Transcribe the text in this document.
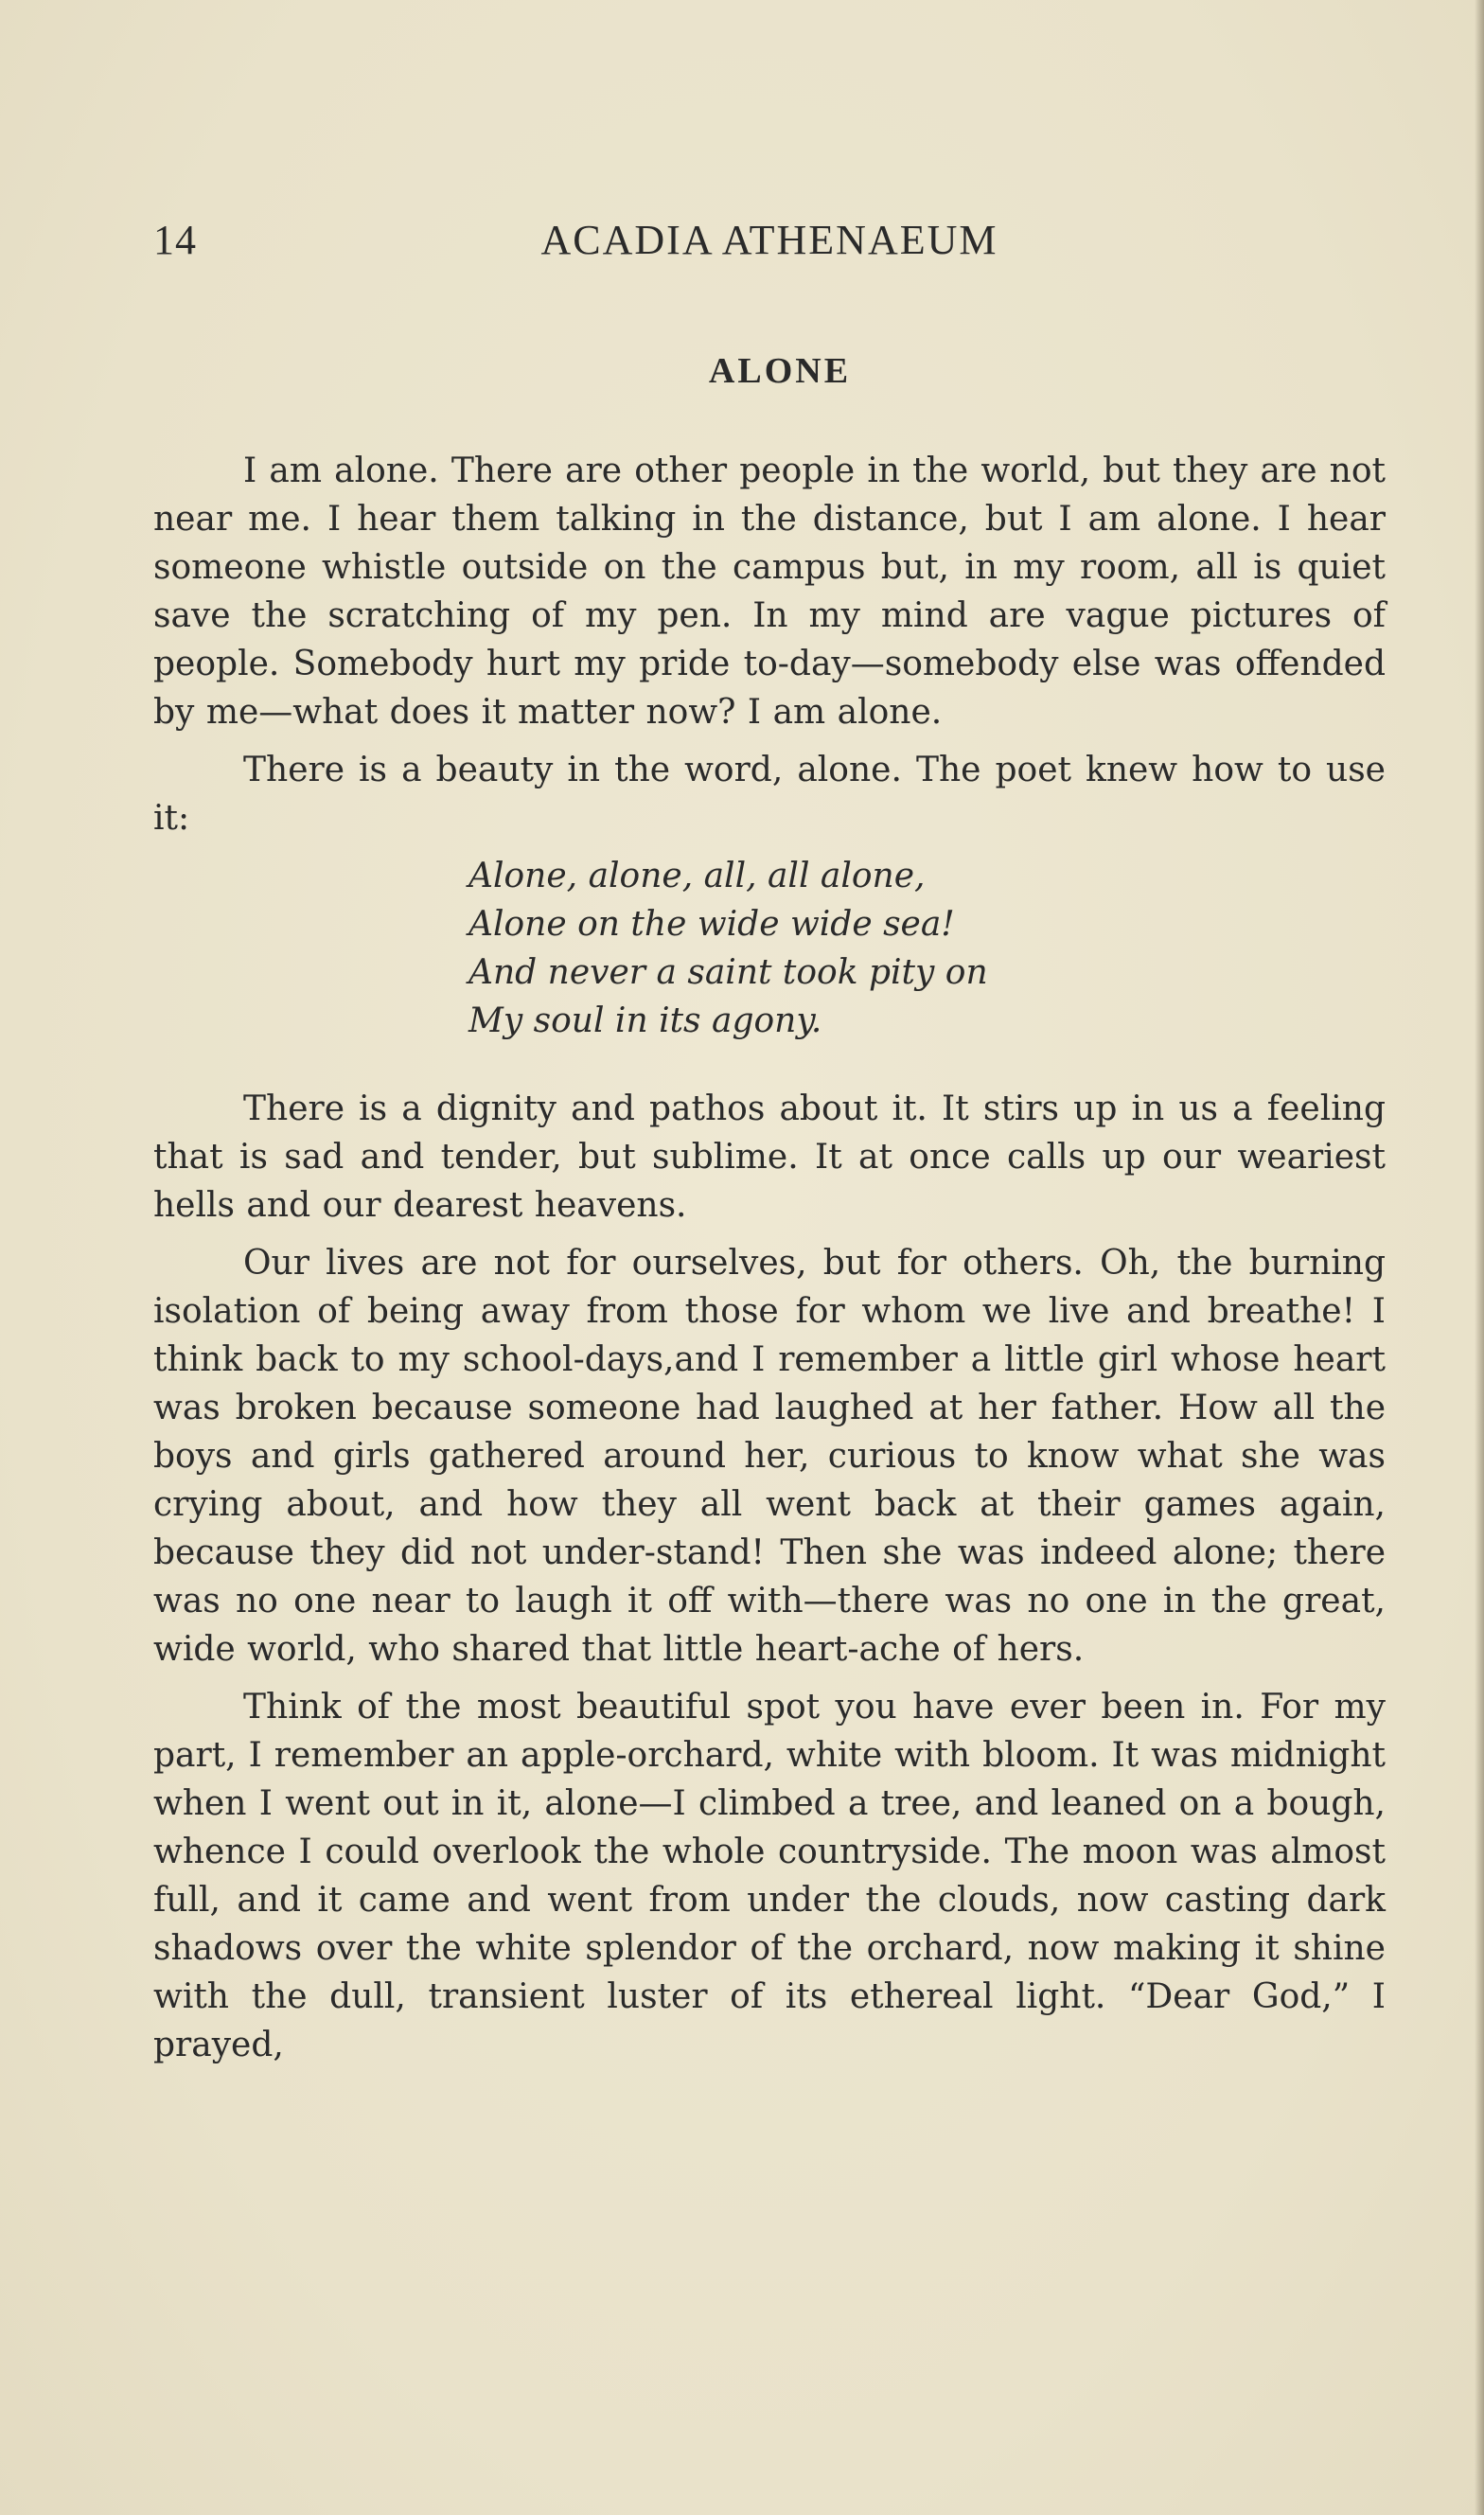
14	ACADIA ATHENAEUM
ALONE

I am alone. There are other people in the world, but they are not near me. I hear them talking in the distance, but I am alone. I hear someone whistle outside on the campus but, in my room, all is quiet save the scratching of my pen. In my mind are vague pictures of people. Somebody hurt my pride to-day—somebody else was offended by me—what does it matter now? I am alone.

There is a beauty in the word, alone. The poet knew how to use it:

Alone, alone, all, all alone,
Alone on the wide wide sea!
And never a saint took pity on
My soul in its agony.

There is a dignity and pathos about it. It stirs up in us a feeling that is sad and tender, but sublime. It at once calls up our weariest hells and our dearest heavens.

Our lives are not for ourselves, but for others. Oh, the burning isolation of being away from those for whom we live and breathe! I think back to my school-days,and I remember a little girl whose heart was broken because someone had laughed at her father. How all the boys and girls gathered around her, curious to know what she was crying about, and how they all went back at their games again, because they did not under-stand! Then she was indeed alone; there was no one near to laugh it off with—there was no one in the great, wide world, who shared that little heart-ache of hers.

Think of the most beautiful spot you have ever been in. For my part, I remember an apple-orchard, white with bloom. It was midnight when I went out in it, alone—I climbed a tree, and leaned on a bough, whence I could overlook the whole countryside. The moon was almost full, and it came and went from under the clouds, now casting dark shadows over the white splendor of the orchard, now making it shine with the dull, transient luster of its ethereal light. “Dear God,” I prayed,
